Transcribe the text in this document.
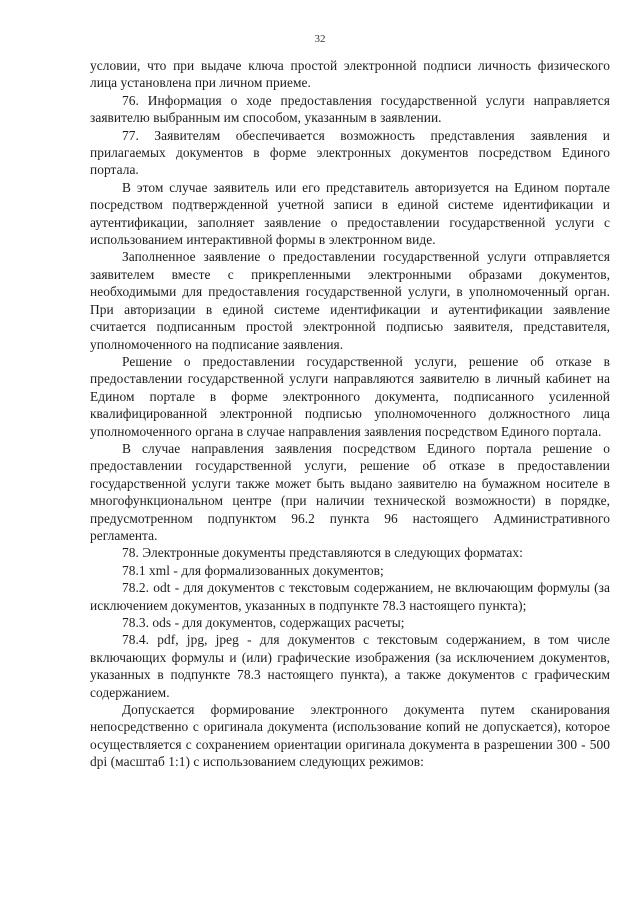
32

условии, что при выдаче ключа простой электронной подписи личность физического лица установлена при личном приеме.

76. Информация о ходе предоставления государственной услуги направляется заявителю выбранным им способом, указанным в заявлении.

77. Заявителям обеспечивается возможность представления заявления и прилагаемых документов в форме электронных документов посредством Единого портала.

В этом случае заявитель или его представитель авторизуется на Едином портале посредством подтвержденной учетной записи в единой системе идентификации и аутентификации, заполняет заявление о предоставлении государственной услуги с использованием интерактивной формы в электронном виде.

Заполненное заявление о предоставлении государственной услуги отправляется заявителем вместе с прикрепленными электронными образами документов, необходимыми для предоставления государственной услуги, в уполномоченный орган. При авторизации в единой системе идентификации и аутентификации заявление считается подписанным простой электронной подписью заявителя, представителя, уполномоченного на подписание заявления.

Решение о предоставлении государственной услуги, решение об отказе в предоставлении государственной услуги направляются заявителю в личный кабинет на Едином портале в форме электронного документа, подписанного усиленной квалифицированной электронной подписью уполномоченного должностного лица уполномоченного органа в случае направления заявления посредством Единого портала.

В случае направления заявления посредством Единого портала решение о предоставлении государственной услуги, решение об отказе в предоставлении государственной услуги также может быть выдано заявителю на бумажном носителе в многофункциональном центре (при наличии технической возможности) в порядке, предусмотренном подпунктом 96.2 пункта 96 настоящего Административного регламента.

78. Электронные документы представляются в следующих форматах:

78.1 xml - для формализованных документов;

78.2. odt - для документов с текстовым содержанием, не включающим формулы (за исключением документов, указанных в подпункте 78.3 настоящего пункта);

78.3. ods - для документов, содержащих расчеты;

78.4. pdf, jpg, jpeg - для документов с текстовым содержанием, в том числе включающих формулы и (или) графические изображения (за исключением документов, указанных в подпункте 78.3 настоящего пункта), а также документов с графическим содержанием.

Допускается формирование электронного документа путем сканирования непосредственно с оригинала документа (использование копий не допускается), которое осуществляется с сохранением ориентации оригинала документа в разрешении 300 - 500 dpi (масштаб 1:1) с использованием следующих режимов:
